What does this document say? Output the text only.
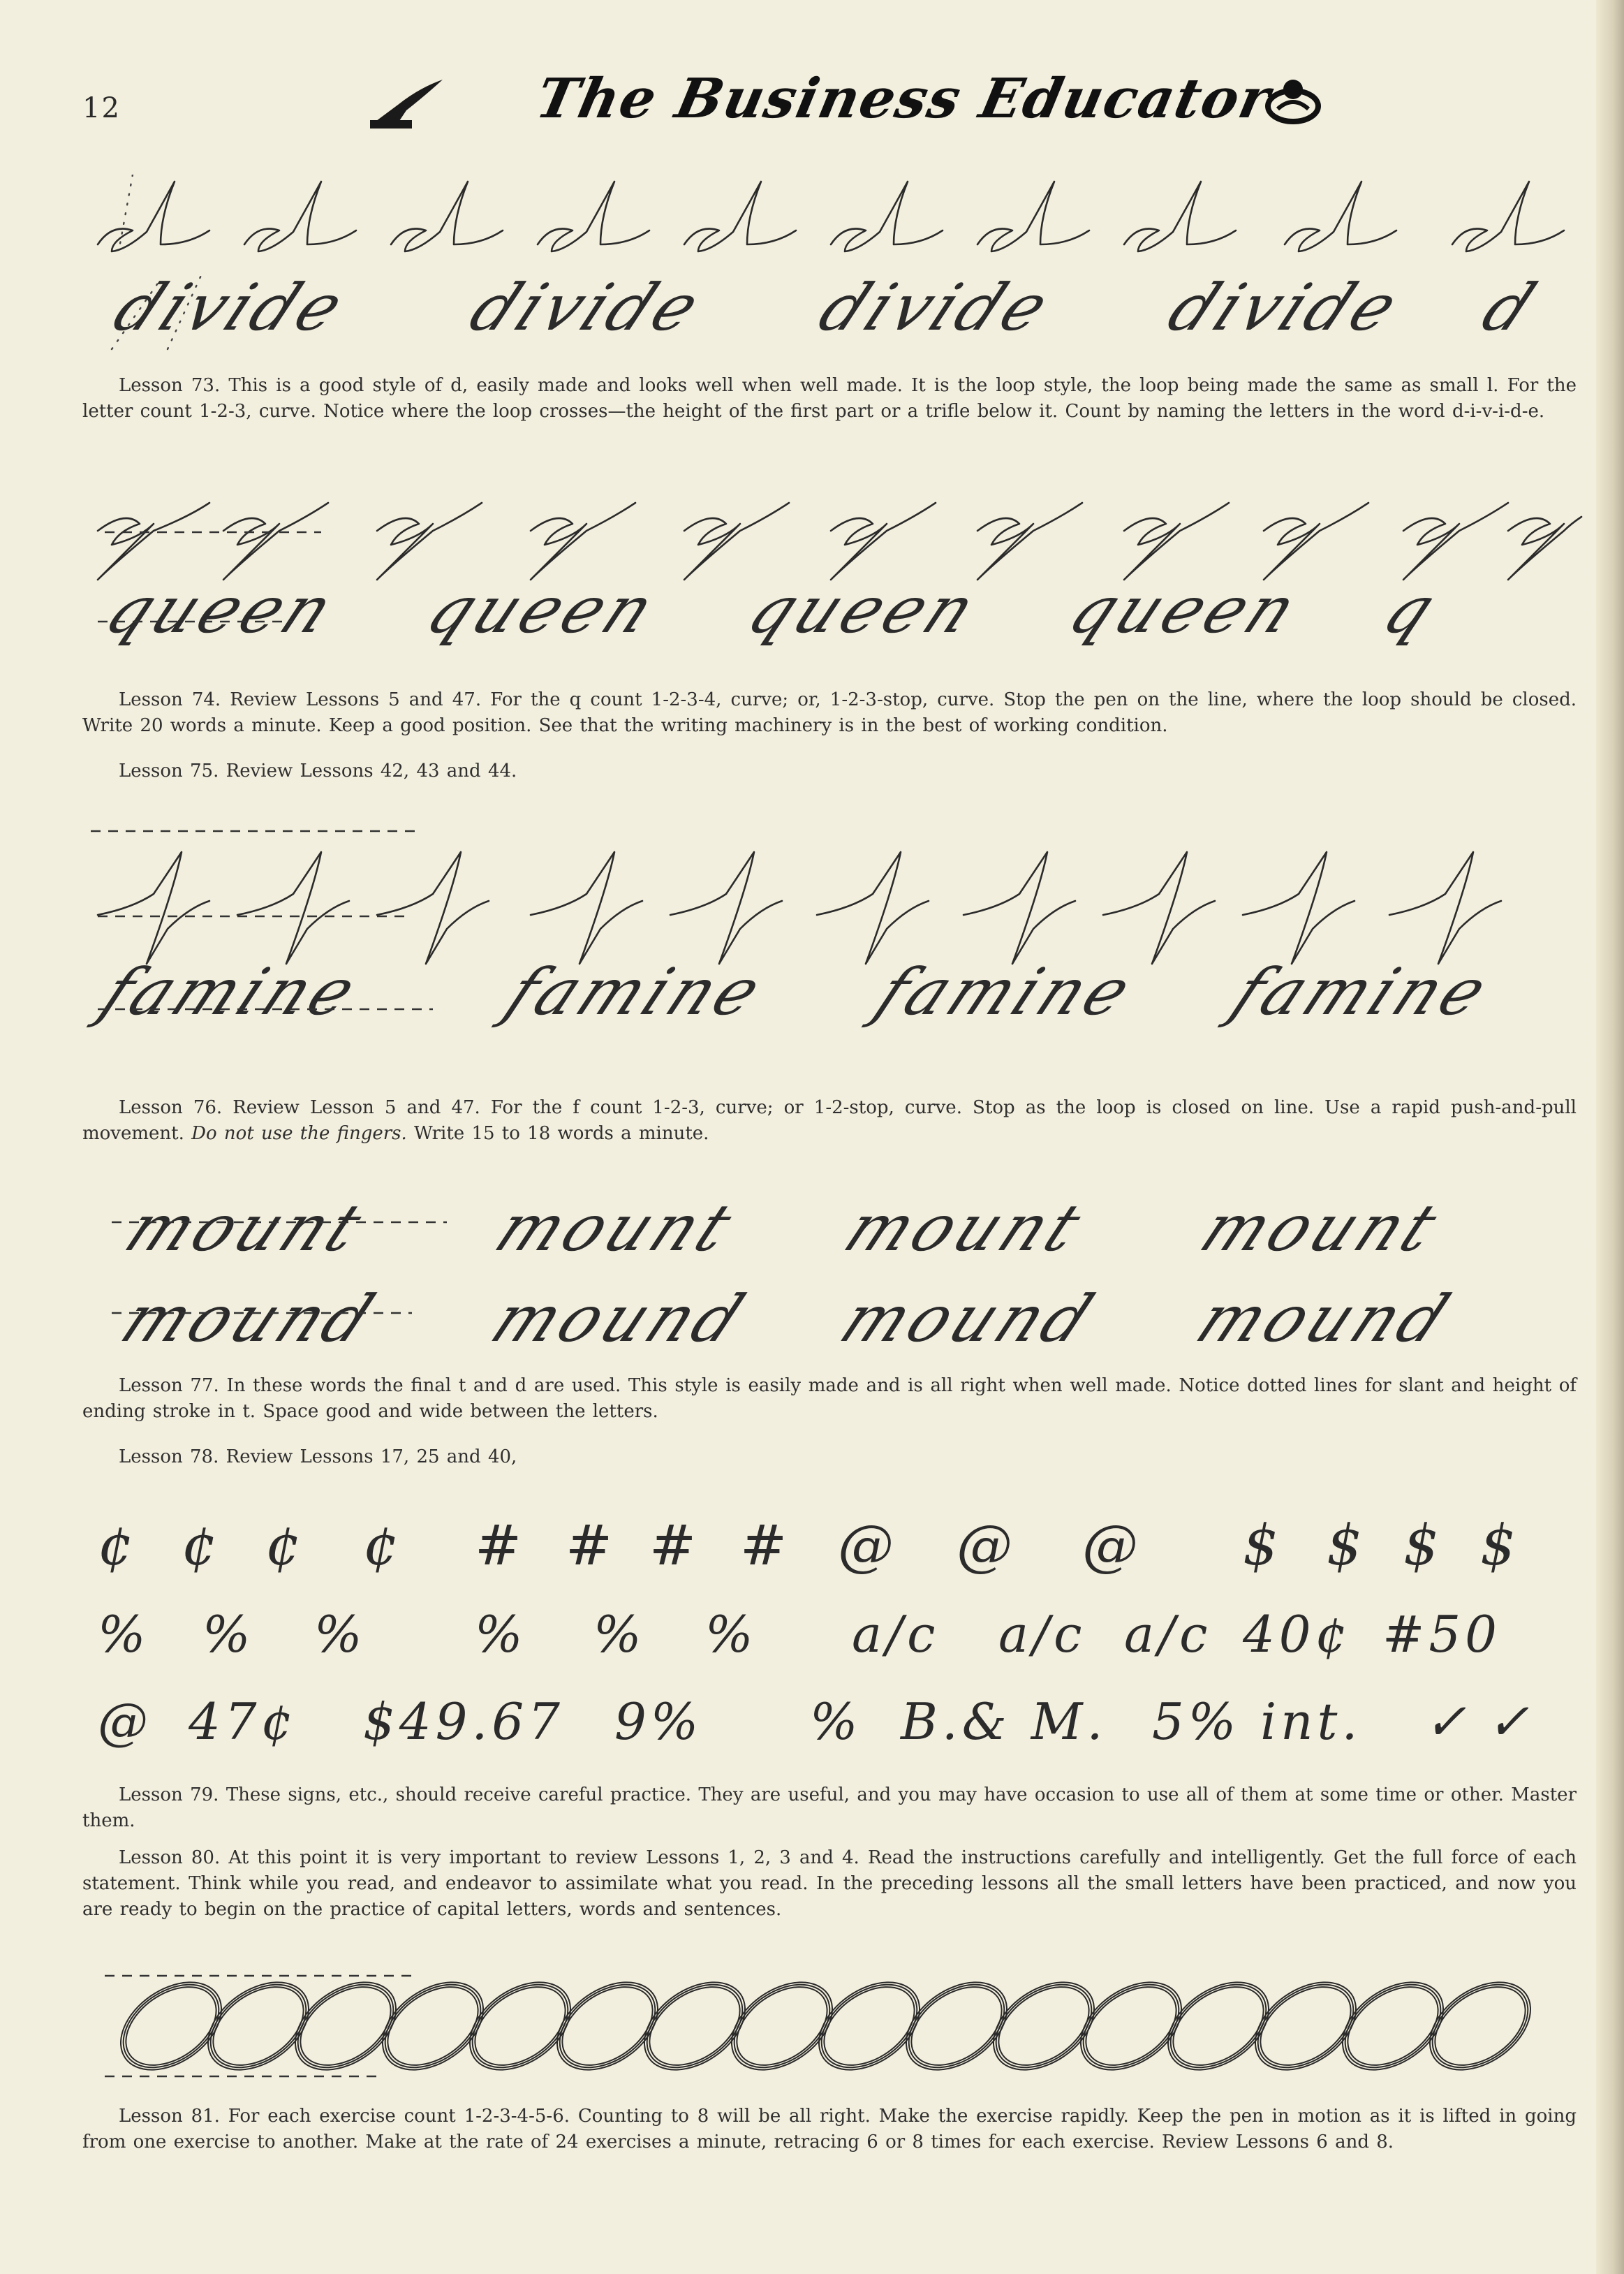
12	The Business Educator
divide divide divide divide d
Lesson 73. This is a good style of d, easily made and looks well when well made. It is the loop style, the loop being made the same as small l. For the letter count 1-2-3, curve. Notice where the loop crosses—the height of the first part or a trifle below it. Count by naming the letters in the word d-i-v-i-d-e.
queen queen queen queen q
Lesson 74. Review Lessons 5 and 47. For the q count 1-2-3-4, curve; or, 1-2-3-stop, curve. Stop the pen on the line, where the loop should be closed. Write 20 words a minute. Keep a good position. See that the writing machinery is in the best of working condition.
Lesson 75. Review Lessons 42, 43 and 44.
famine famine famine famine
Lesson 76. Review Lesson 5 and 47. For the f count 1-2-3, curve; or 1-2-stop, curve. Stop as the loop is closed on line. Use a rapid push-and-pull movement. Do not use the fingers. Write 15 to 18 words a minute.
mount mount mount mount
mound mound mound mound
Lesson 77. In these words the final t and d are used. This style is easily made and is all right when well made. Notice dotted lines for slant and height of ending stroke in t. Space good and wide between the letters.
Lesson 78. Review Lessons 17, 25 and 40,
¢ ¢ ¢ ¢ # # # # @ @ @ $ $ $ $
% % % % % % a/c a/c a/c 40¢ #50
@ 47¢ $49.67 9% % B.& M. 5% int. ✓ ✓
Lesson 79. These signs, etc., should receive careful practice. They are useful, and you may have occasion to use all of them at some time or other. Master them.
Lesson 80. At this point it is very important to review Lessons 1, 2, 3 and 4. Read the instructions carefully and intelligently. Get the full force of each statement. Think while you read, and endeavor to assimilate what you read. In the preceding lessons all the small letters have been practiced, and now you are ready to begin on the practice of capital letters, words and sentences.
Lesson 81. For each exercise count 1-2-3-4-5-6. Counting to 8 will be all right. Make the exercise rapidly. Keep the pen in motion as it is lifted in going from one exercise to another. Make at the rate of 24 exercises a minute, retracing 6 or 8 times for each exercise. Review Lessons 6 and 8.
